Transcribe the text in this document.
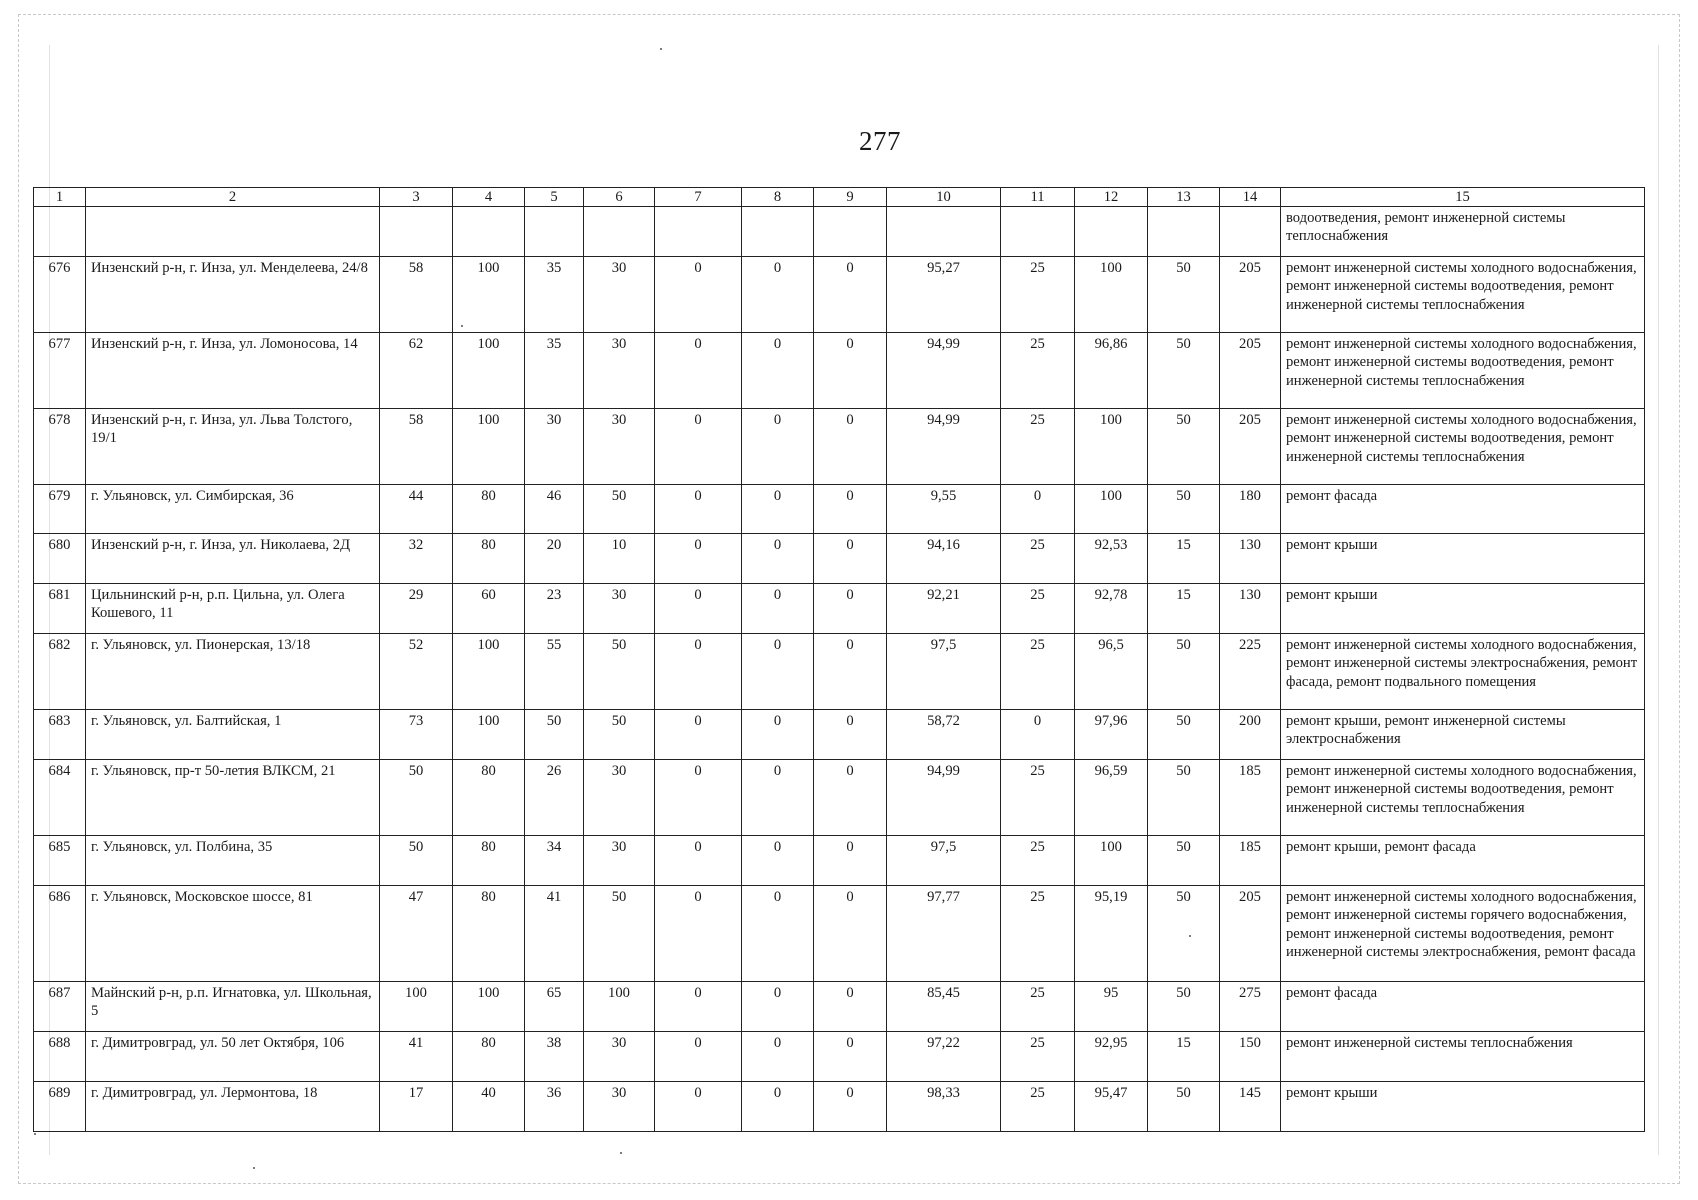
277
1	2	3	4	5	6	7	8	9	10	11	12	13	14	15
														водоотведения, ремонт инженерной системы теплоснабжения
676	Инзенский р-н, г. Инза, ул. Менделеева, 24/8	58	100	35	30	0	0	0	95,27	25	100	50	205	ремонт инженерной системы холодного водоснабжения, ремонт инженерной системы водоотведения, ремонт инженерной системы теплоснабжения
677	Инзенский р-н, г. Инза, ул. Ломоносова, 14	62	100	35	30	0	0	0	94,99	25	96,86	50	205	ремонт инженерной системы холодного водоснабжения, ремонт инженерной системы водоотведения, ремонт инженерной системы теплоснабжения
678	Инзенский р-н, г. Инза, ул. Льва Толстого, 19/1	58	100	30	30	0	0	0	94,99	25	100	50	205	ремонт инженерной системы холодного водоснабжения, ремонт инженерной системы водоотведения, ремонт инженерной системы теплоснабжения
679	г. Ульяновск, ул. Симбирская, 36	44	80	46	50	0	0	0	9,55	0	100	50	180	ремонт фасада
680	Инзенский р-н, г. Инза, ул. Николаева, 2Д	32	80	20	10	0	0	0	94,16	25	92,53	15	130	ремонт крыши
681	Цильнинский р-н, р.п. Цильна, ул. Олега Кошевого, 11	29	60	23	30	0	0	0	92,21	25	92,78	15	130	ремонт крыши
682	г. Ульяновск, ул. Пионерская, 13/18	52	100	55	50	0	0	0	97,5	25	96,5	50	225	ремонт инженерной системы холодного водоснабжения, ремонт инженерной системы электроснабжения, ремонт фасада, ремонт подвального помещения
683	г. Ульяновск, ул. Балтийская, 1	73	100	50	50	0	0	0	58,72	0	97,96	50	200	ремонт крыши, ремонт инженерной системы электроснабжения
684	г. Ульяновск, пр-т 50-летия ВЛКСМ, 21	50	80	26	30	0	0	0	94,99	25	96,59	50	185	ремонт инженерной системы холодного водоснабжения, ремонт инженерной системы водоотведения, ремонт инженерной системы теплоснабжения
685	г. Ульяновск, ул. Полбина, 35	50	80	34	30	0	0	0	97,5	25	100	50	185	ремонт крыши, ремонт фасада
686	г. Ульяновск, Московское шоссе, 81	47	80	41	50	0	0	0	97,77	25	95,19	50	205	ремонт инженерной системы холодного водоснабжения, ремонт инженерной системы горячего водоснабжения, ремонт инженерной системы водоотведения, ремонт инженерной системы электроснабжения, ремонт фасада
687	Майнский р-н, р.п. Игнатовка, ул. Школьная, 5	100	100	65	100	0	0	0	85,45	25	95	50	275	ремонт фасада
688	г. Димитровград, ул. 50 лет Октября, 106	41	80	38	30	0	0	0	97,22	25	92,95	15	150	ремонт инженерной системы теплоснабжения
689	г. Димитровград, ул. Лермонтова, 18	17	40	36	30	0	0	0	98,33	25	95,47	50	145	ремонт крыши
